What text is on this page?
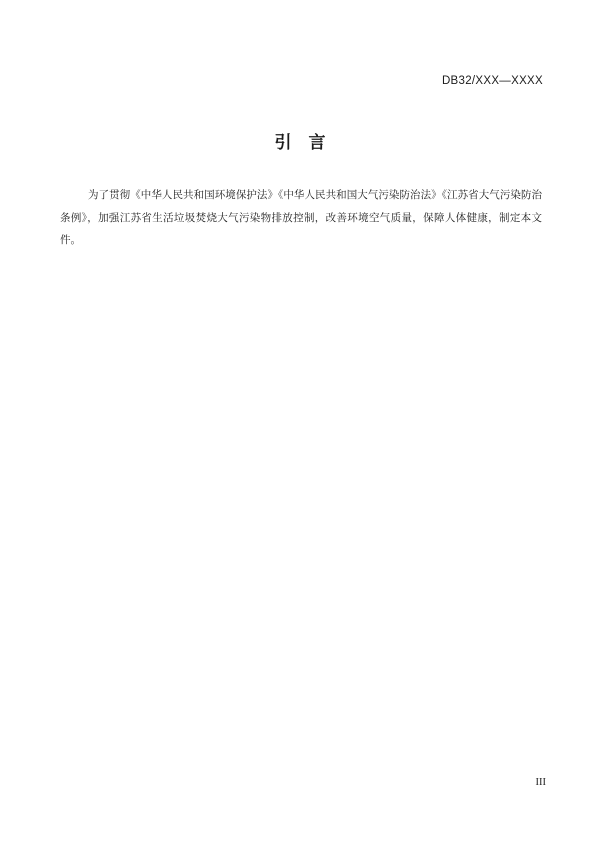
DB32/XXX—XXXX
引　言

为了贯彻《中华人民共和国环境保护法》《中华人民共和国大气污染防治法》《江苏省大气污染防治条例》，加强江苏省生活垃圾焚烧大气污染物排放控制，改善环境空气质量，保障人体健康，制定本文件。

III
